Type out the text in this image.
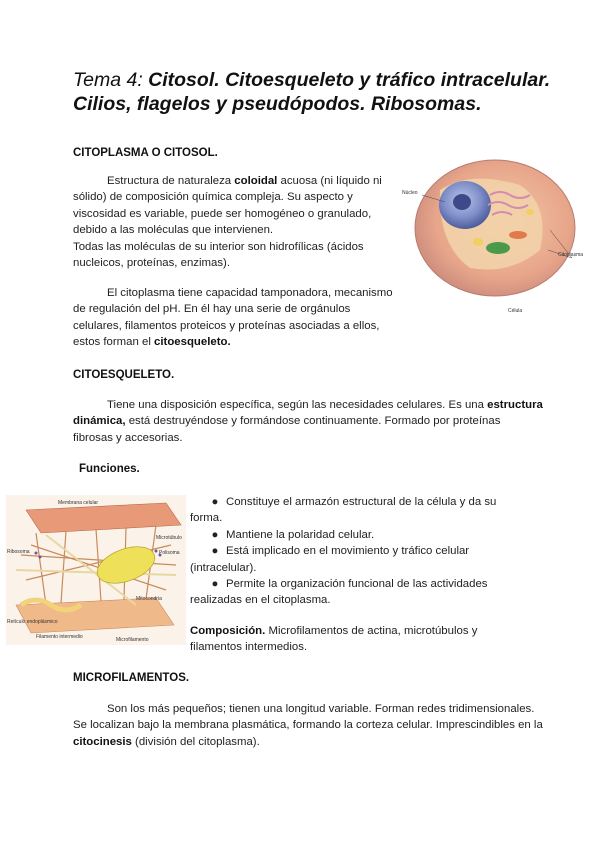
Tema 4: Citosol. Citoesqueleto y tráfico intracelular.
Cilios, flagelos y pseudópodos. Ribosomas.
CITOPLASMA O CITOSOL.
Estructura de naturaleza coloidal acuosa (ni líquido ni sólido) de composición química compleja. Su aspecto y viscosidad es variable, puede ser homogéneo o granulado, debido a las moléculas que intervienen.
Todas las moléculas de su interior son hidrofílicas (ácidos nucleicos, proteínas, enzimas).
El citoplasma tiene capacidad tamponadora, mecanismo de regulación del pH. En él hay una serie de orgánulos celulares, filamentos proteicos y proteínas asociadas a ellos, estos forman el citoesqueleto.
Núcleo
Citoplasma
Célula
CITOESQUELETO.
Tiene una disposición específica, según las necesidades celulares. Es una estructura dinámica, está destruyéndose y formándose continuamente. Formado por proteínas fibrosas y accesorias.
Funciones.
Membrana celular
Microtúbulo
Ribosoma	Polisoma
Mitocondria
Retículo endoplásmico
Filamento intermedio	Microfilamento
● Constituye el armazón estructural de la célula y da su forma.
● Mantiene la polaridad celular.
● Está implicado en el movimiento y tráfico celular (intracelular).
● Permite la organización funcional de las actividades realizadas en el citoplasma.
Composición. Microfilamentos de actina, microtúbulos y filamentos intermedios.
MICROFILAMENTOS.
Son los más pequeños; tienen una longitud variable. Forman redes tridimensionales. Se localizan bajo la membrana plasmática, formando la corteza celular. Imprescindibles en la citocinesis (división del citoplasma).
